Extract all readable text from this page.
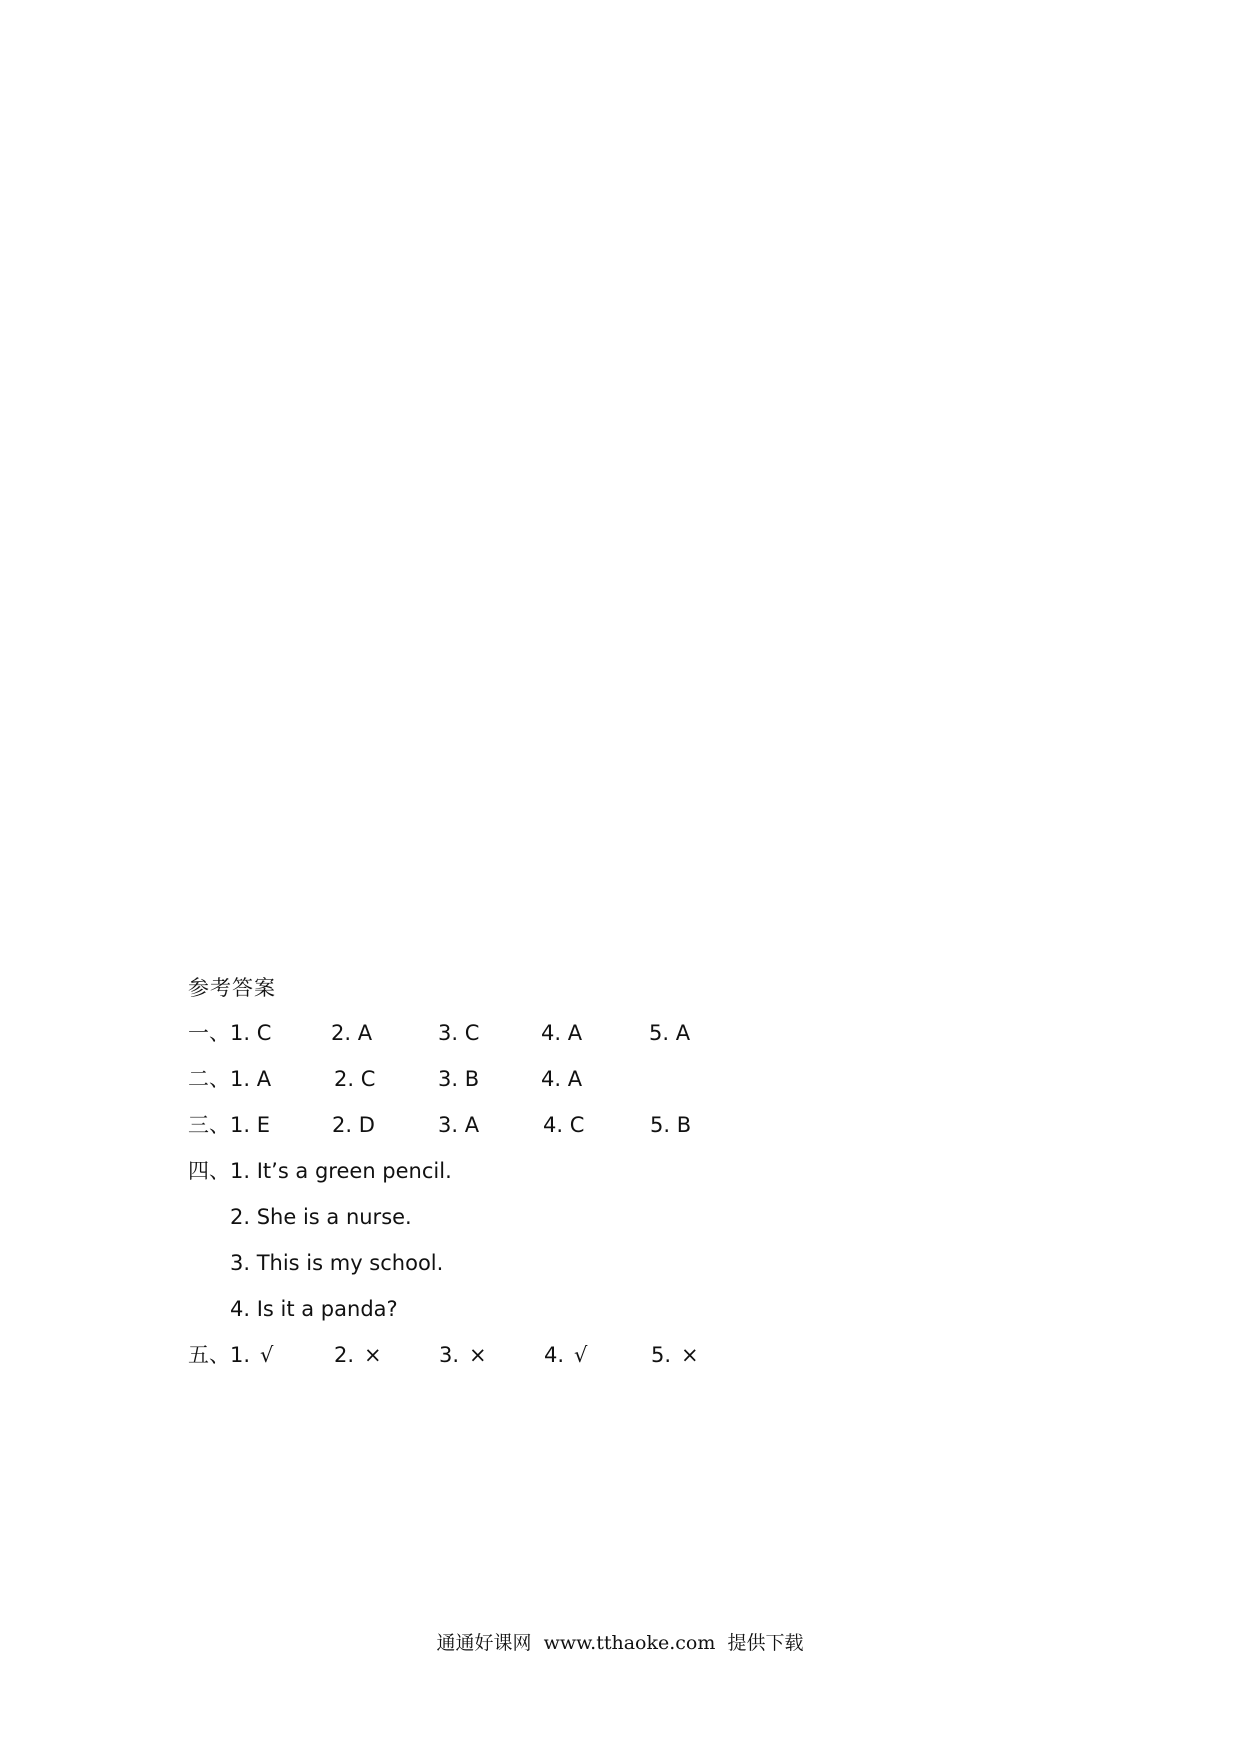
参考答案
一、 1. C	2. A	3. C	4. A	5. A
二、 1. A	2. C	3. B	4. A
三、 1. E	2. D	3. A	4. C	5. B
四、 1. It’s a green pencil.
2. She is a nurse.
3. This is my school.
4. Is it a panda?
五、 1. √	2. ×	3. ×	4. √	5. ×
通通好课网  www.tthaoke.com  提供下载
